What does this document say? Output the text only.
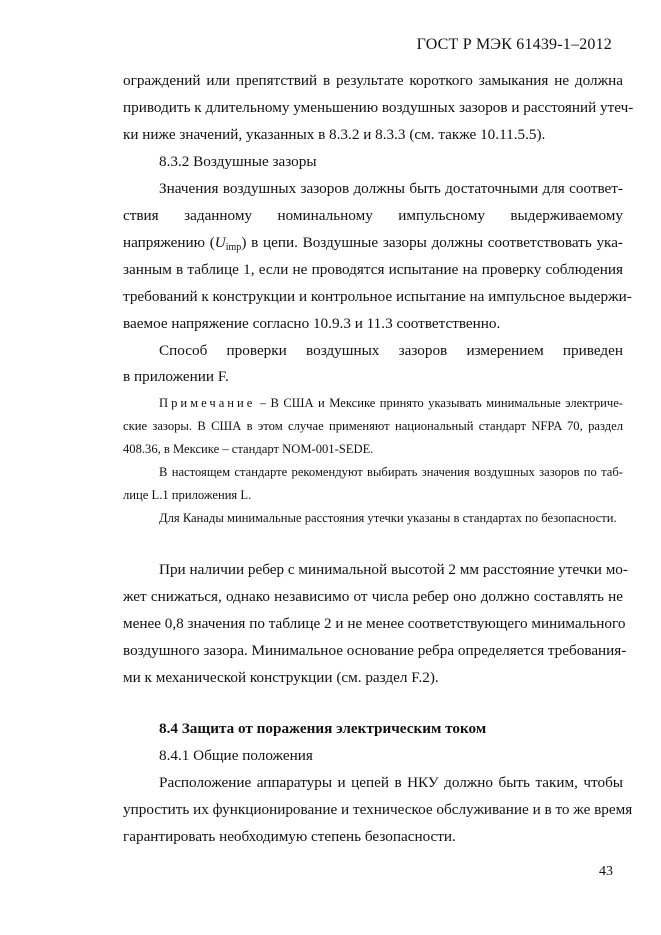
ГОСТ Р МЭК 61439-1–2012
ограждений или препятствий в результате короткого замыкания не должна
приводить к длительному уменьшению воздушных зазоров и расстояний утеч-
ки ниже значений, указанных в 8.3.2 и 8.3.3 (см. также 10.11.5.5).
8.3.2 Воздушные зазоры
Значения воздушных зазоров должны быть достаточными для соответ-
ствия заданному номинальному импульсному выдерживаемому
напряжению $(U_{imp})$ в цепи. Воздушные зазоры должны соответствовать ука-
занным в таблице 1, если не проводятся испытание на проверку соблюдения
требований к конструкции и контрольное испытание на импульсное выдержи-
ваемое напряжение согласно 10.9.3 и 11.3 соответственно.
Способ проверки воздушных зазоров измерением приведен
в приложении F.
Примечание – В США и Мексике принято указывать минимальные электриче-
ские зазоры. В США в этом случае применяют национальный стандарт NFPA 70, раздел
408.36, в Мексике – стандарт NOM-001-SEDE.
В настоящем стандарте рекомендуют выбирать значения воздушных зазоров по таб-
лице L.1 приложения L.
Для Канады минимальные расстояния утечки указаны в стандартах по безопасности.
При наличии ребер с минимальной высотой 2 мм расстояние утечки мо-
жет снижаться, однако независимо от числа ребер оно должно составлять не
менее 0,8 значения по таблице 2 и не менее соответствующего минимального
воздушного зазора. Минимальное основание ребра определяется требования-
ми к механической конструкции (см. раздел F.2).
8.4 Защита от поражения электрическим током
8.4.1 Общие положения
Расположение аппаратуры и цепей в НКУ должно быть таким, чтобы
упростить их функционирование и техническое обслуживание и в то же время
гарантировать необходимую степень безопасности.
43
